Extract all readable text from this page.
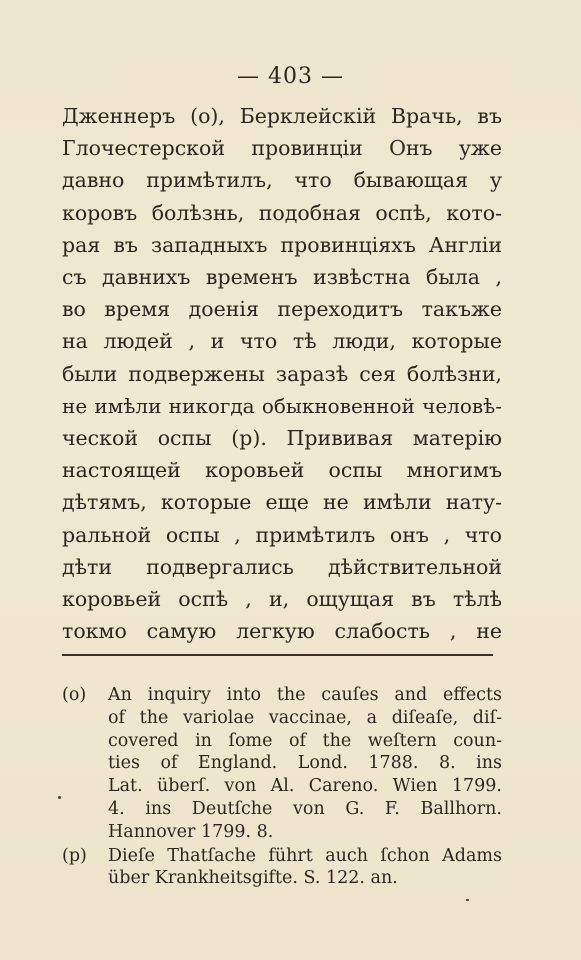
— 403 —
Дженнеръ (о), Берклейскій Врачь, въ
Глочестерской провинціи Онъ уже
давно примѣтилъ, что бывающая у
коровъ болѣзнь, подобная оспѣ, кото-
рая въ западныхъ провинціяхъ Англіи
съ давнихъ временъ извѣстна была ,
во время доенія переходитъ такъже
на людей , и что тѣ люди, которые
были подвержены заразѣ сея болѣзни,
не имѣли никогда обыкновенной человѣ-
ческой оспы (р). Прививая матерію
настоящей коровьей оспы многимъ
дѣтямъ, которые еще не имѣли нату-
ральной оспы , примѣтилъ онъ , что
дѣти подвергались дѣйствительной
коровьей оспѣ , и, ощущая въ тѣлѣ
токмо самую легкую слабость , не
(o) An inquiry into the cauſes and effects
of the variolae vaccinae, a diſeaſe, diſ-
covered in ſome of the weſtern coun-
ties of England. Lond. 1788. 8. ins
Lat. überſ. von Al. Careno. Wien 1799.
4. ins Deutſche von G. F. Ballhorn.
Hannover 1799. 8.
(p) Dieſe Thatſache führt auch ſchon Adams
über Krankheitsgifte. S. 122. an.
